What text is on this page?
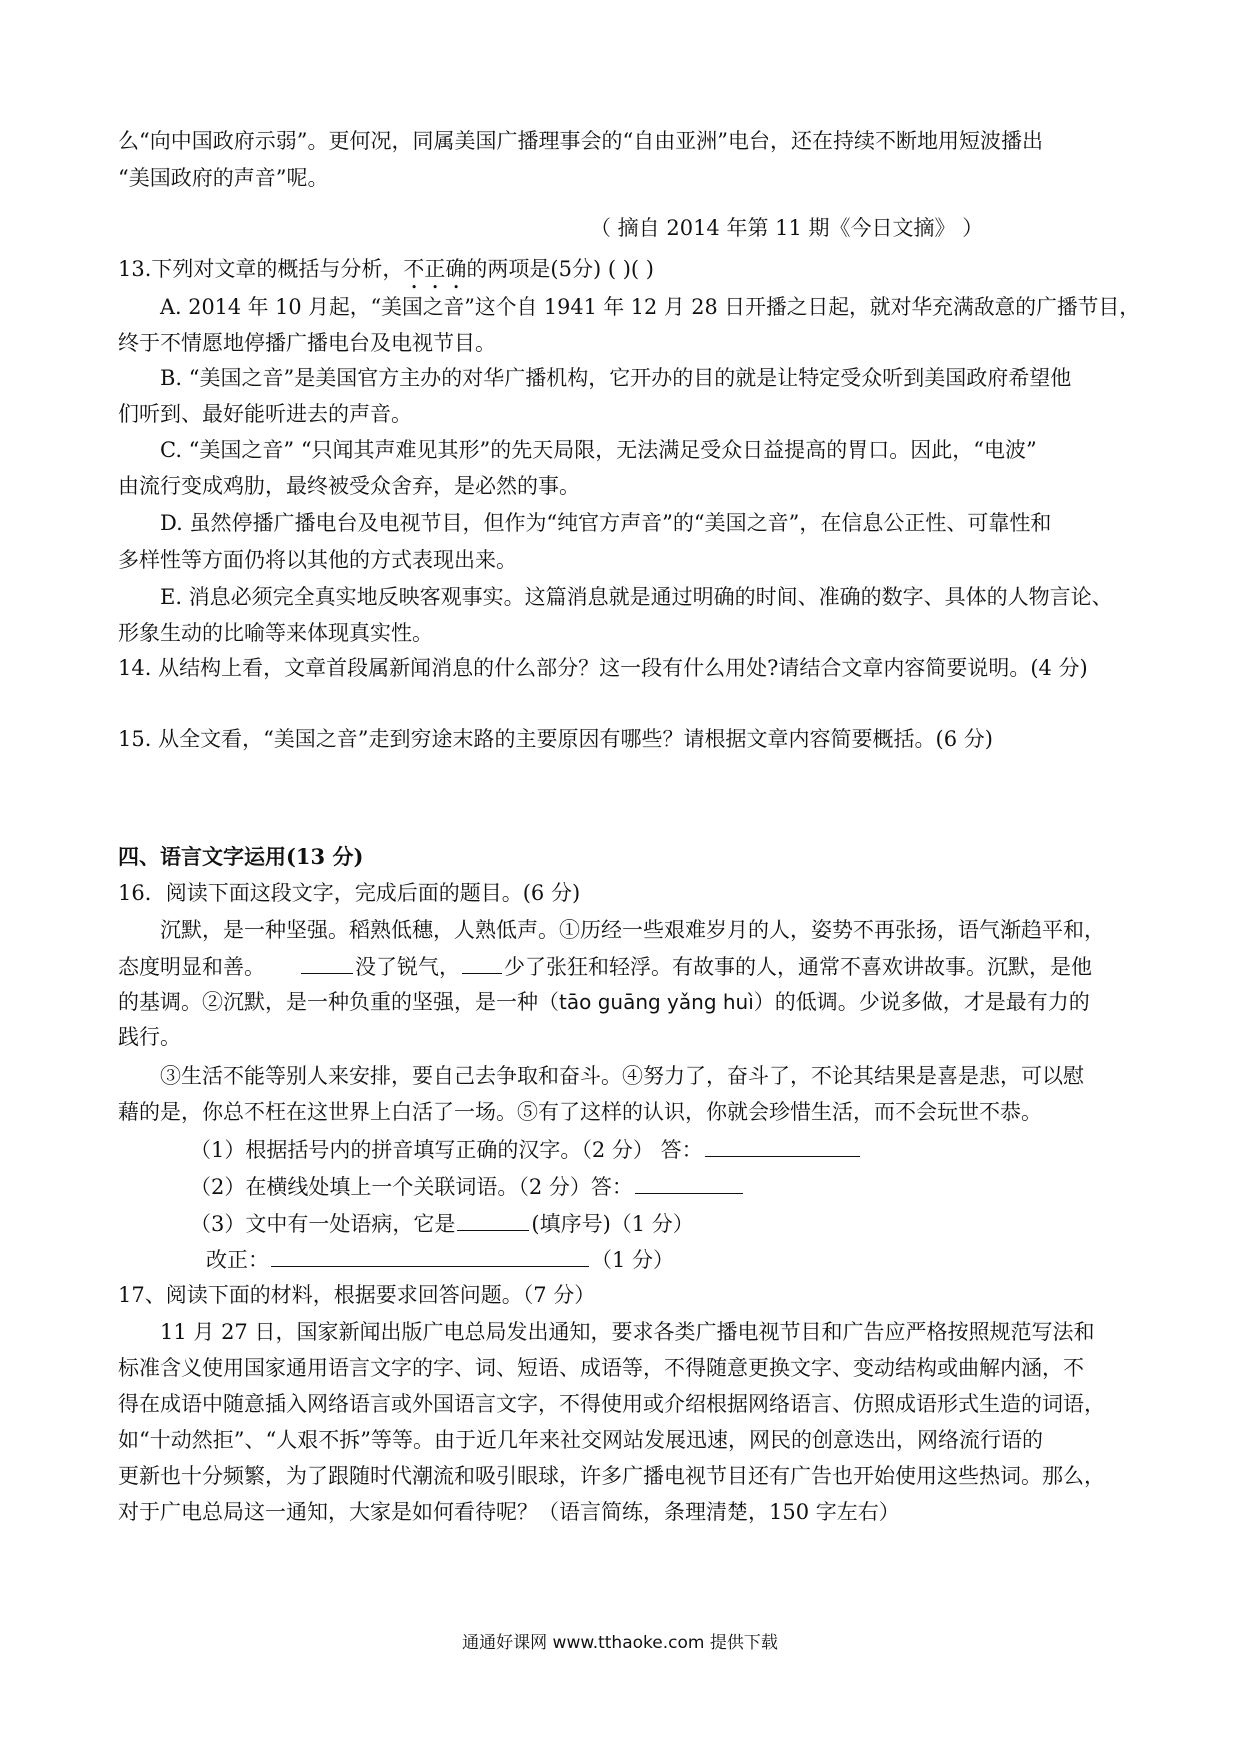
么“向中国政府示弱”。更何况，同属美国广播理事会的“自由亚洲”电台，还在持续不断地用短波播出
“美国政府的声音”呢。
（ 摘自 2014 年第 11 期《今日文摘》 ）
13.下列对文章的概括与分析，不正确的两项是(5分) ( )( )
A. 2014 年 10 月起，“美国之音”这个自 1941 年 12 月 28 日开播之日起，就对华充满敌意的广播节目，
终于不情愿地停播广播电台及电视节目。
B. “美国之音”是美国官方主办的对华广播机构，它开办的目的就是让特定受众听到美国政府希望他
们听到、最好能听进去的声音。
C. “美国之音” “只闻其声难见其形”的先天局限，无法满足受众日益提高的胃口。因此，“电波”
由流行变成鸡肋，最终被受众舍弃，是必然的事。
D. 虽然停播广播电台及电视节目，但作为“纯官方声音”的“美国之音”，在信息公正性、可靠性和
多样性等方面仍将以其他的方式表现出来。
E. 消息必须完全真实地反映客观事实。这篇消息就是通过明确的时间、准确的数字、具体的人物言论、
形象生动的比喻等来体现真实性。
14. 从结构上看，文章首段属新闻消息的什么部分？这一段有什么用处?请结合文章内容简要说明。(4 分)
15. 从全文看，“美国之音”走到穷途末路的主要原因有哪些？请根据文章内容简要概括。(6 分)
四、语言文字运用(13 分)
16．阅读下面这段文字，完成后面的题目。(6 分)
沉默，是一种坚强。稻熟低穗，人熟低声。①历经一些艰难岁月的人，姿势不再张扬，语气渐趋平和，
态度明显和善。	没了锐气， 少了张狂和轻浮。有故事的人，通常不喜欢讲故事。沉默，是他
的基调。②沉默，是一种负重的坚强，是一种（tāo guāng yǎng huì）的低调。少说多做，才是最有力的
践行。
③生活不能等别人来安排，要自己去争取和奋斗。④努力了，奋斗了，不论其结果是喜是悲，可以慰
藉的是，你总不枉在这世界上白活了一场。⑤有了这样的认识，你就会珍惜生活，而不会玩世不恭。
（1）根据括号内的拼音填写正确的汉字。（2 分） 答：
（2）在横线处填上一个关联词语。（2 分）答：
（3）文中有一处语病，它是	(填序号)（1 分）
改正：	（1 分）
17、阅读下面的材料，根据要求回答问题。（7 分）
11 月 27 日，国家新闻出版广电总局发出通知，要求各类广播电视节目和广告应严格按照规范写法和
标准含义使用国家通用语言文字的字、词、短语、成语等，不得随意更换文字、变动结构或曲解内涵，不
得在成语中随意插入网络语言或外国语言文字，不得使用或介绍根据网络语言、仿照成语形式生造的词语，
如“十动然拒”、“人艰不拆”等等。由于近几年来社交网站发展迅速，网民的创意迭出，网络流行语的
更新也十分频繁，为了跟随时代潮流和吸引眼球，许多广播电视节目还有广告也开始使用这些热词。那么，
对于广电总局这一通知，大家是如何看待呢？（语言简练，条理清楚，150 字左右）
通通好课网 www.tthaoke.com 提供下载
